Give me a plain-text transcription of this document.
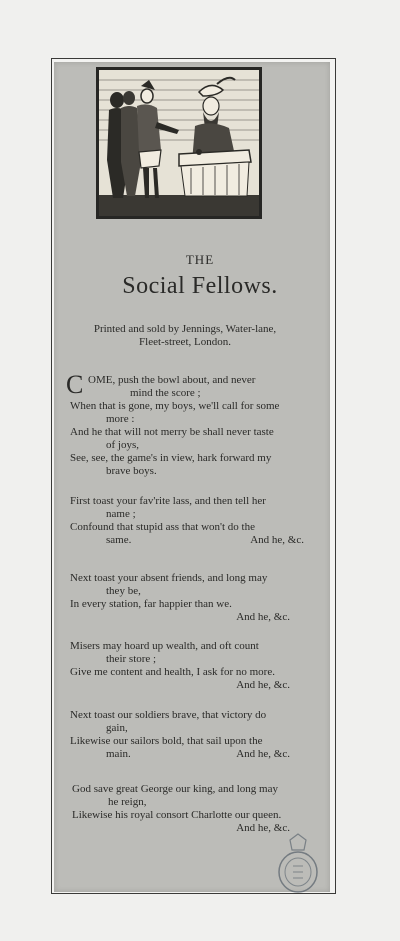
THE
Social Fellows.
Printed and sold by Jennings, Water-lane,
Fleet-street, London.
C OME, push the bowl about, and never
mind the score ;
When that is gone, my boys, we'll call for some
more :
And he that will not merry be shall never taste
of joys,
See, see, the game's in view, hark forward my
brave boys.
First toast your fav'rite lass, and then tell her
name ;
Confound that stupid ass that won't do the
same.	And he, &c.
Next toast your absent friends, and long may
they be,
In every station, far happier than we.
And he, &c.
Misers may hoard up wealth, and oft count
their store ;
Give me content and health, I ask for no more.
And he, &c.
Next toast our soldiers brave, that victory do
gain,
Likewise our sailors bold, that sail upon the
main.	And he, &c.
God save great George our king, and long may
he reign,
Likewise his royal consort Charlotte our queen.
And he, &c.
